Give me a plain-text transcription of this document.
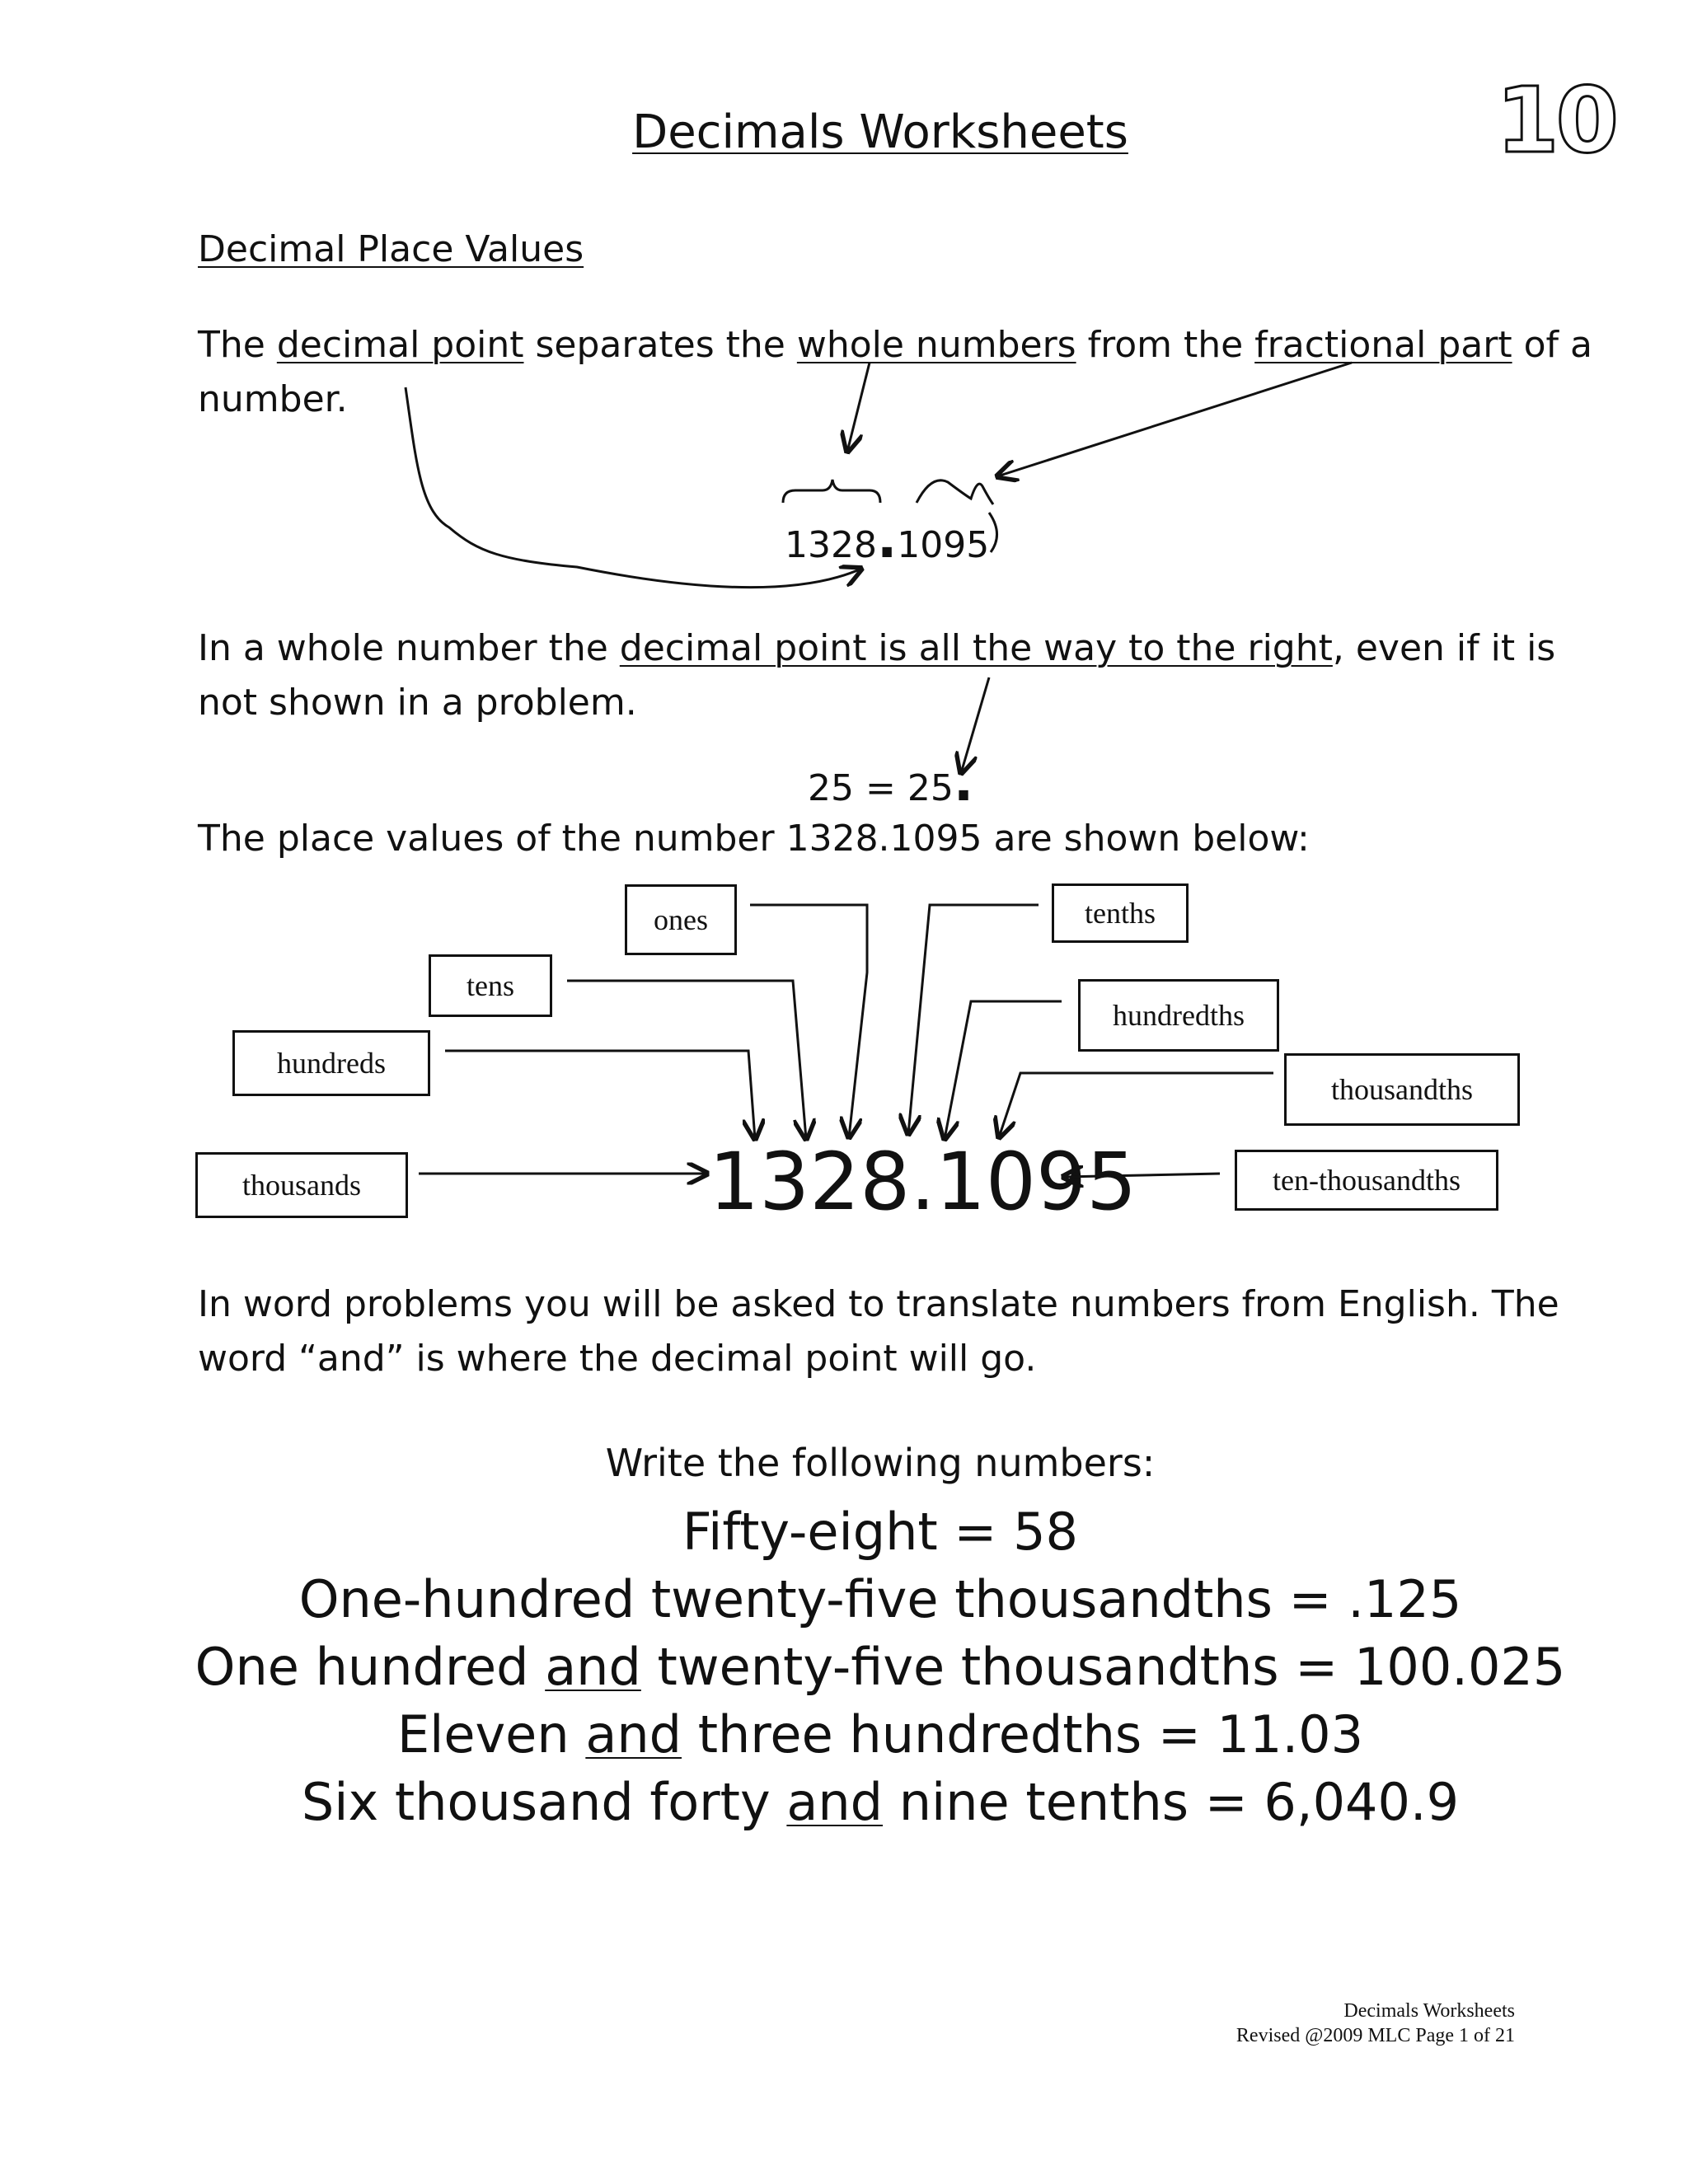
Decimals Worksheets	10
Decimal Place Values

The decimal point separates the whole numbers from the fractional part of a number.

1328.1095

In a whole number the decimal point is all the way to the right, even if it is not shown in a problem.

25 = 25.

The place values of the number 1328.1095 are shown below:

ones
tens
hundreds
thousands
tenths
hundredths
thousandths
ten-thousandths
1328.1095

In word problems you will be asked to translate numbers from English. The word “and” is where the decimal point will go.

Write the following numbers:
Fifty-eight = 58
One-hundred twenty-five thousandths = .125
One hundred and twenty-five thousandths = 100.025
Eleven and three hundredths = 11.03
Six thousand forty and nine tenths = 6,040.9
Decimals Worksheets
Revised @2009 MLC Page 1 of 21
